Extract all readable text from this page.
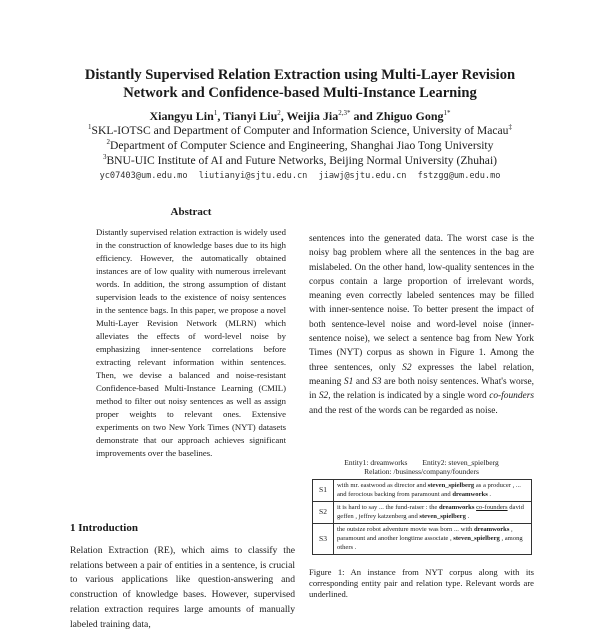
Distantly Supervised Relation Extraction using Multi-Layer Revision
Network and Confidence-based Multi-Instance Learning
Xiangyu Lin$^1$, Tianyi Liu$^2$, Weijia Jia$^{2,3*}$ and Zhiguo Gong$^{1*}$
$^1$SKL-IOTSC and Department of Computer and Information Science, University of Macau‡
$^2$Department of Computer Science and Engineering, Shanghai Jiao Tong University
$^3$BNU-UIC Institute of AI and Future Networks, Beijing Normal University (Zhuhai)
yc07403@um.edu.mo liutianyi@sjtu.edu.cn jiawj@sjtu.edu.cn fstzgg@um.edu.mo
Abstract
Distantly supervised relation extraction is widely used in the construction of knowledge bases due to its high efficiency. However, the automatically obtained instances are of low quality with numerous irrelevant words. In addition, the strong assumption of distant supervision leads to the existence of noisy sentences in the sentence bags. In this paper, we propose a novel Multi-Layer Revision Network (MLRN) which alleviates the effects of word-level noise by emphasizing inner-sentence correlations before extracting relevant information within sentences. Then, we devise a balanced and noise-resistant Confidence-based Multi-Instance Learning (CMIL) method to filter out noisy sentences as well as assign proper weights to relevant ones. Extensive experiments on two New York Times (NYT) datasets demonstrate that our approach achieves significant improvements over the baselines.
1 Introduction
Relation Extraction (RE), which aims to classify the relations between a pair of entities in a sentence, is crucial to various applications like question-answering and construction of knowledge bases. However, supervised relation extraction requires large amounts of manually labeled training data,
sentences into the generated data. The worst case is the noisy bag problem where all the sentences in the bag are mislabeled. On the other hand, low-quality sentences in the corpus contain a large proportion of irrelevant words, meaning even correctly labeled sentences may be filled with inner-sentence noise. To better present the impact of both sentence-level noise and word-level noise (inner-sentence noise), we select a sentence bag from New York Times (NYT) corpus as shown in Figure 1. Among the three sentences, only S2 expresses the label relation, meaning S1 and S3 are both noisy sentences. What's worse, in S2, the relation is indicated by a single word co-founders and the rest of the words can be regarded as noise.
Entity1: dreamworks        Entity2: steven_spielberg
Relation: /business/company/founders
S1	with mr. eastwood as director and steven_spielberg as a producer , ... and ferocious backing from paramount and dreamworks .
S2	it is hard to say ... the fund-raiser : the dreamworks co-founders david geffen , jeffrey katzenberg and steven_spielberg .
S3	the outsize robot adventure movie was born ... with dreamworks , paramount and another longtime associate , steven_spielberg , among others .
Figure 1: An instance from NYT corpus along with its corresponding entity pair and relation type. Relevant words are underlined.
